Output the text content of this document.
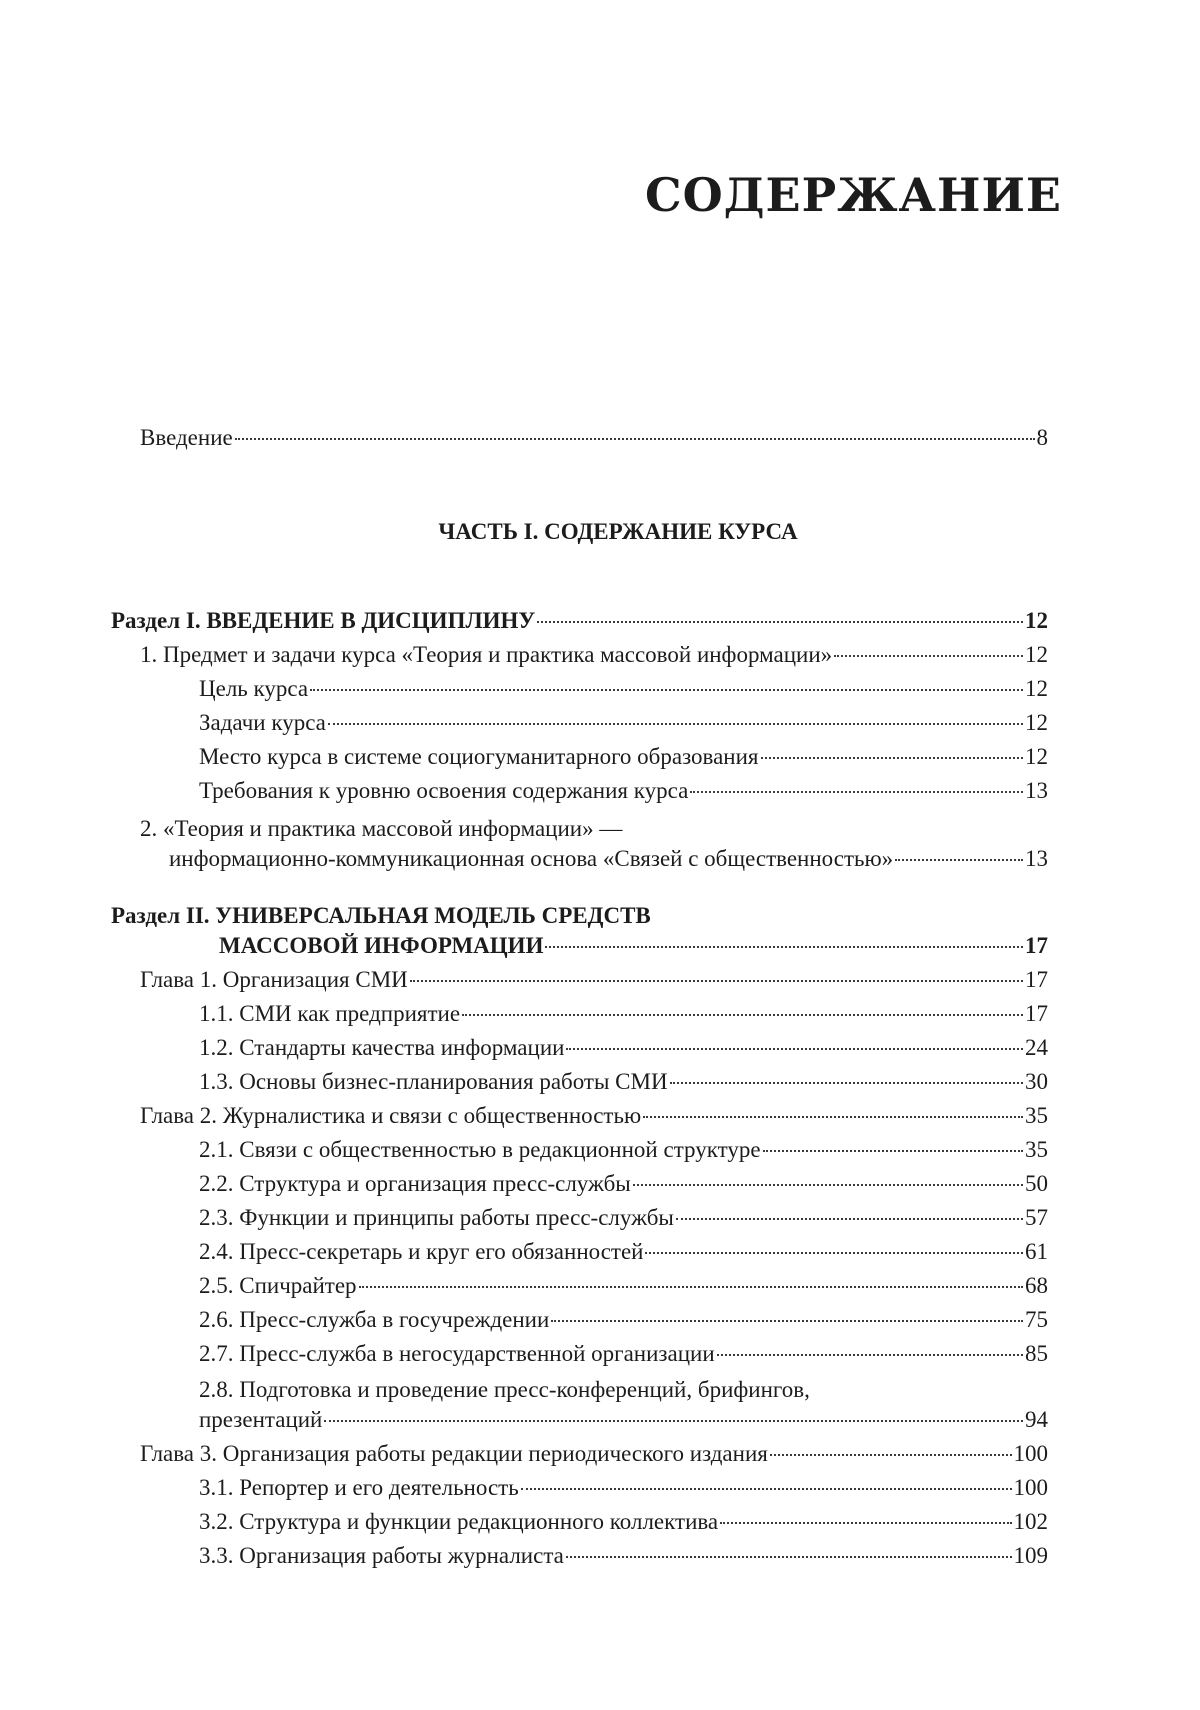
СОДЕРЖАНИЕ
Введение	8
ЧАСТЬ I. СОДЕРЖАНИЕ КУРСА
Раздел I. ВВЕДЕНИЕ В ДИСЦИПЛИНУ	12
1. Предмет и задачи курса «Теория и практика массовой информации»	12
Цель курса	12
Задачи курса	12
Место курса в системе социогуманитарного образования	12
Требования к уровню освоения содержания курса	13
2. «Теория и практика массовой информации» —
информационно-коммуникационная основа «Связей с общественностью»	13
Раздел II. УНИВЕРСАЛЬНАЯ МОДЕЛЬ СРЕДСТВ
МАССОВОЙ ИНФОРМАЦИИ	17
Глава 1. Организация СМИ	17
1.1. СМИ как предприятие	17
1.2. Стандарты качества информации	24
1.3. Основы бизнес-планирования работы СМИ	30
Глава 2. Журналистика и связи с общественностью	35
2.1. Связи с общественностью в редакционной структуре	35
2.2. Структура и организация пресс-службы	50
2.3. Функции и принципы работы пресс-службы	57
2.4. Пресс-секретарь и круг его обязанностей	61
2.5. Спичрайтер	68
2.6. Пресс-служба в госучреждении	75
2.7. Пресс-служба в негосударственной организации	85
2.8. Подготовка и проведение пресс-конференций, брифингов,
презентаций	94
Глава 3. Организация работы редакции периодического издания	100
3.1. Репортер и его деятельность	100
3.2. Структура и функции редакционного коллектива	102
3.3. Организация работы журналиста	109
